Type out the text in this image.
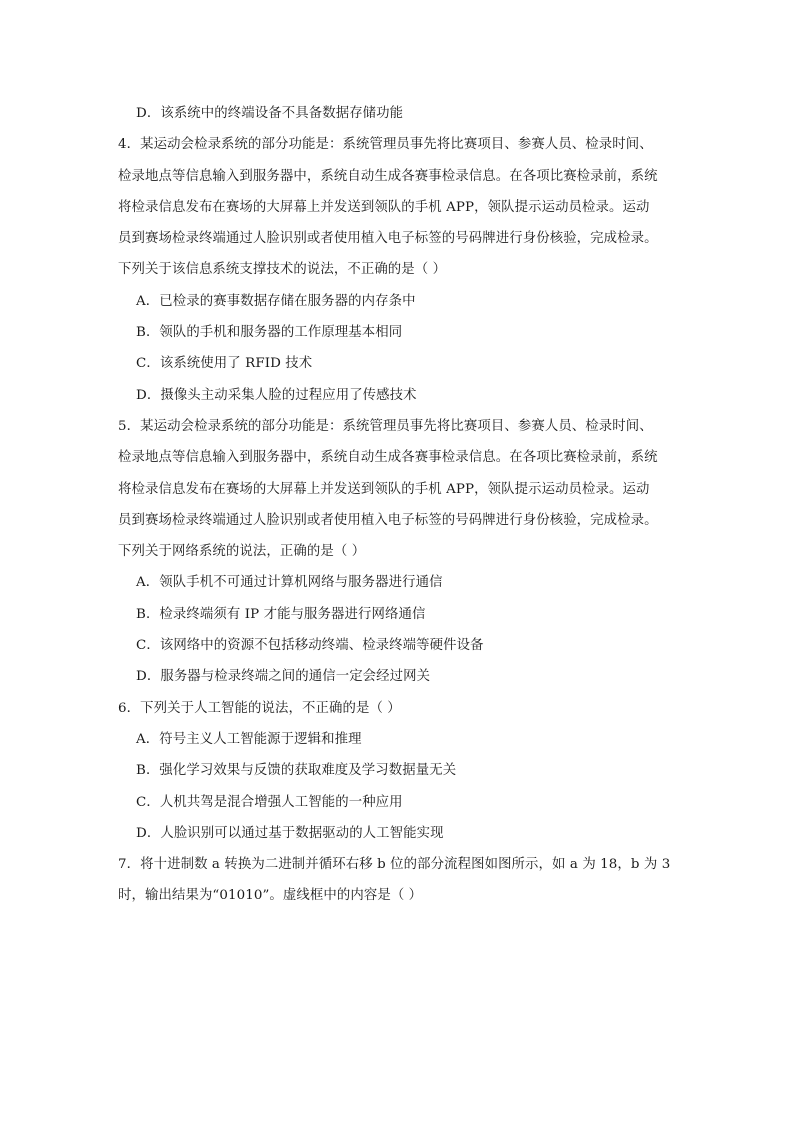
D．该系统中的终端设备不具备数据存储功能
4．某运动会检录系统的部分功能是：系统管理员事先将比赛项目、参赛人员、检录时间、
检录地点等信息输入到服务器中，系统自动生成各赛事检录信息。在各项比赛检录前，系统
将检录信息发布在赛场的大屏幕上并发送到领队的手机 APP，领队提示运动员检录。运动
员到赛场检录终端通过人脸识别或者使用植入电子标签的号码牌进行身份核验，完成检录。
下列关于该信息系统支撑技术的说法，不正确的是（ ）
A．已检录的赛事数据存储在服务器的内存条中
B．领队的手机和服务器的工作原理基本相同
C．该系统使用了 RFID 技术
D．摄像头主动采集人脸的过程应用了传感技术
5．某运动会检录系统的部分功能是：系统管理员事先将比赛项目、参赛人员、检录时间、
检录地点等信息输入到服务器中，系统自动生成各赛事检录信息。在各项比赛检录前，系统
将检录信息发布在赛场的大屏幕上并发送到领队的手机 APP，领队提示运动员检录。运动
员到赛场检录终端通过人脸识别或者使用植入电子标签的号码牌进行身份核验，完成检录。
下列关于网络系统的说法，正确的是（ ）
A．领队手机不可通过计算机网络与服务器进行通信
B．检录终端须有 IP 才能与服务器进行网络通信
C．该网络中的资源不包括移动终端、检录终端等硬件设备
D．服务器与检录终端之间的通信一定会经过网关
6．下列关于人工智能的说法，不正确的是（ ）
A．符号主义人工智能源于逻辑和推理
B．强化学习效果与反馈的获取难度及学习数据量无关
C．人机共驾是混合增强人工智能的一种应用
D．人脸识别可以通过基于数据驱动的人工智能实现
7．将十进制数 a 转换为二进制并循环右移 b 位的部分流程图如图所示，如 a 为 18，b 为 3
时，输出结果为“01010”。虚线框中的内容是（ ）
